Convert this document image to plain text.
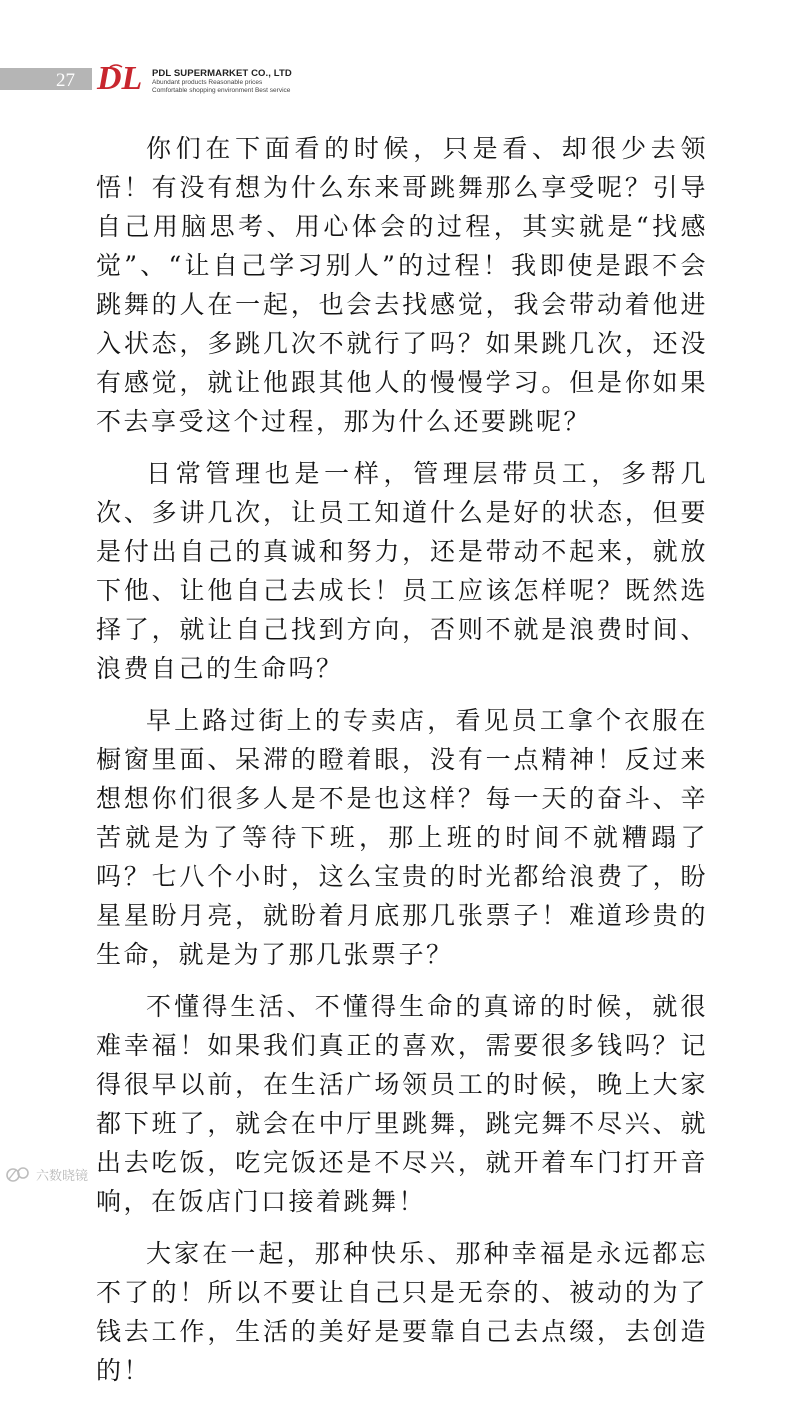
27 DL PDL SUPERMARKET CO., LTD
Abundant products Reasonable prices
Comfortable shopping environment Best service

你们在下面看的时候，只是看、却很少去领悟！有没有想为什么东来哥跳舞那么享受呢？引导自己用脑思考、用心体会的过程，其实就是“找感觉”、“让自己学习别人”的过程！我即使是跟不会跳舞的人在一起，也会去找感觉，我会带动着他进入状态，多跳几次不就行了吗？如果跳几次，还没有感觉，就让他跟其他人的慢慢学习。但是你如果不去享受这个过程，那为什么还要跳呢？

日常管理也是一样，管理层带员工，多帮几次、多讲几次，让员工知道什么是好的状态，但要是付出自己的真诚和努力，还是带动不起来，就放下他、让他自己去成长！员工应该怎样呢？既然选择了，就让自己找到方向，否则不就是浪费时间、浪费自己的生命吗？

早上路过街上的专卖店，看见员工拿个衣服在橱窗里面、呆滞的瞪着眼，没有一点精神！反过来想想你们很多人是不是也这样？每一天的奋斗、辛苦就是为了等待下班，那上班的时间不就糟蹋了吗？七八个小时，这么宝贵的时光都给浪费了，盼星星盼月亮，就盼着月底那几张票子！难道珍贵的生命，就是为了那几张票子？

不懂得生活、不懂得生命的真谛的时候，就很难幸福！如果我们真正的喜欢，需要很多钱吗？记得很早以前，在生活广场领员工的时候，晚上大家都下班了，就会在中厅里跳舞，跳完舞不尽兴、就出去吃饭，吃完饭还是不尽兴，就开着车门打开音响，在饭店门口接着跳舞！

大家在一起，那种快乐、那种幸福是永远都忘不了的！所以不要让自己只是无奈的、被动的为了钱去工作，生活的美好是要靠自己去点缀，去创造的！

六数晓镜
